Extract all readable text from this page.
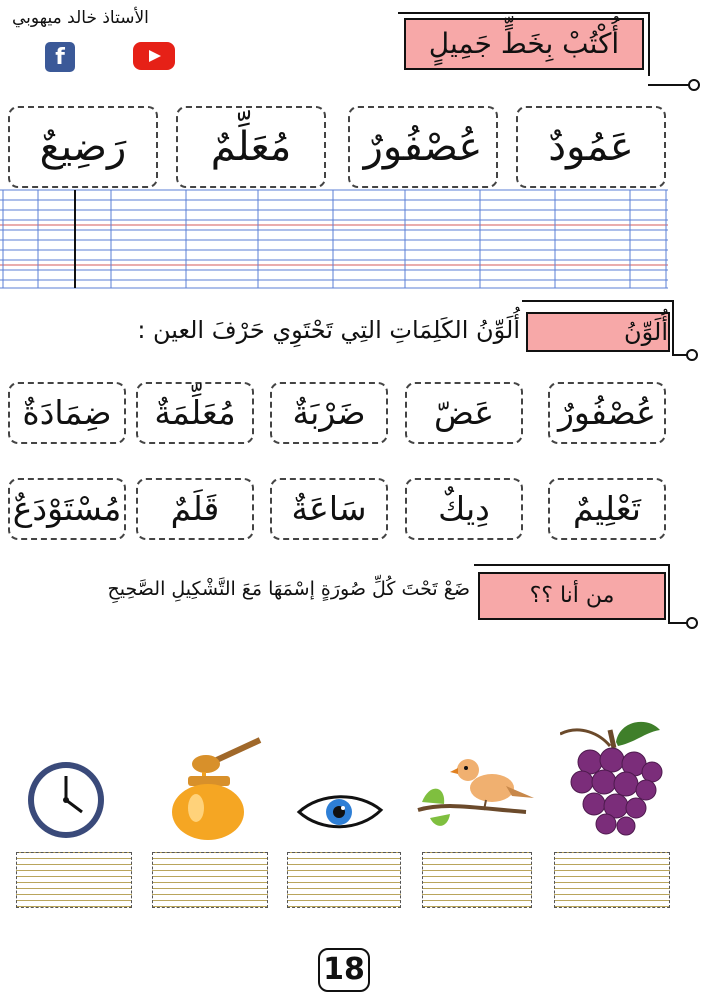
الأستاذ خالد ميهوبي
f	أُكْتُبْ بِخَطٍّ جَمِيلٍ
عَمُودٌ
عُصْفُورٌ
مُعَلِّمٌ
رَضِيعٌ
أُلَوِّنُ
أُلَوِّنُ الكَلِمَاتِ التِي تَحْتَوِي حَرْفَ العين :
عُصْفُورٌ
عَضّ
ضَرْبَةٌ
مُعَلِّمَةٌ
ضِمَادَةٌ
تَعْلِيمٌ
دِيكٌ
سَاعَةٌ
قَلَمٌ
مُسْتَوْدَعٌ
من أنا ؟؟
ضَعْ تَحْتَ كُلِّ صُورَةٍ إسْمَهَا مَعَ التَّشْكِيلِ الصَّحِيحِ
18
